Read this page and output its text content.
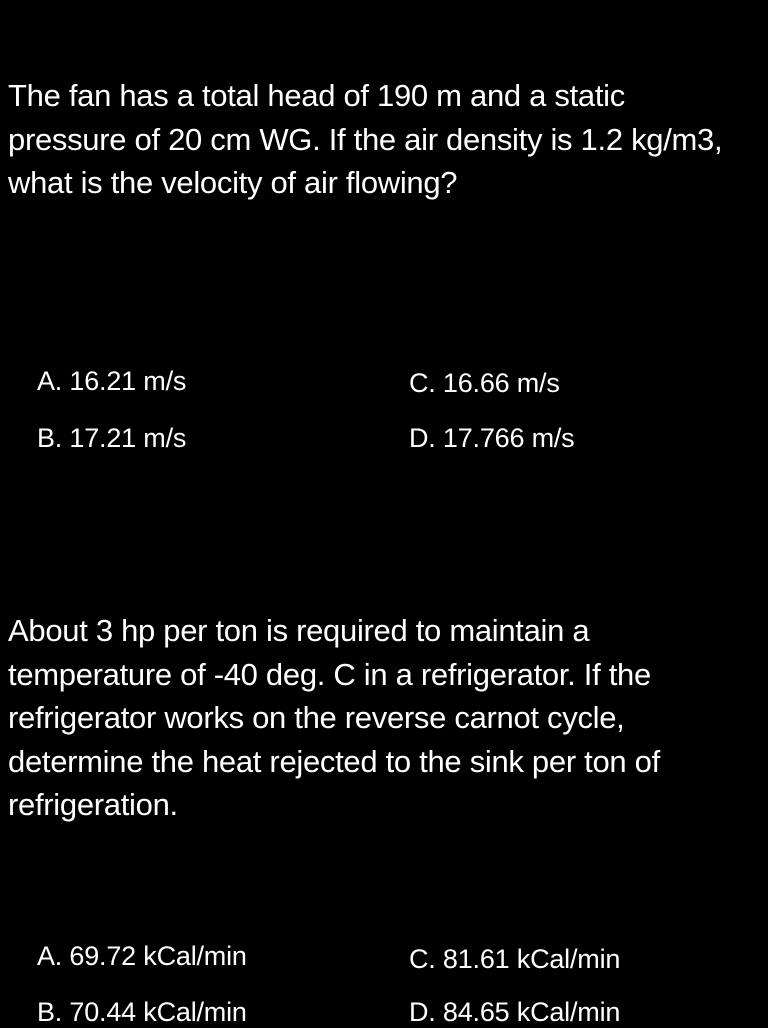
The fan has a total head of 190 m and a static pressure of 20 cm WG. If the air density is 1.2 kg/m3, what is the velocity of air flowing?

A. 16.21 m/s	C. 16.66 m/s
B. 17.21 m/s	D. 17.766 m/s

About 3 hp per ton is required to maintain a temperature of -40 deg. C in a refrigerator. If the refrigerator works on the reverse carnot cycle, determine the heat rejected to the sink per ton of refrigeration.

A. 69.72 kCal/min	C. 81.61 kCal/min
B. 70.44 kCal/min	D. 84.65 kCal/min
